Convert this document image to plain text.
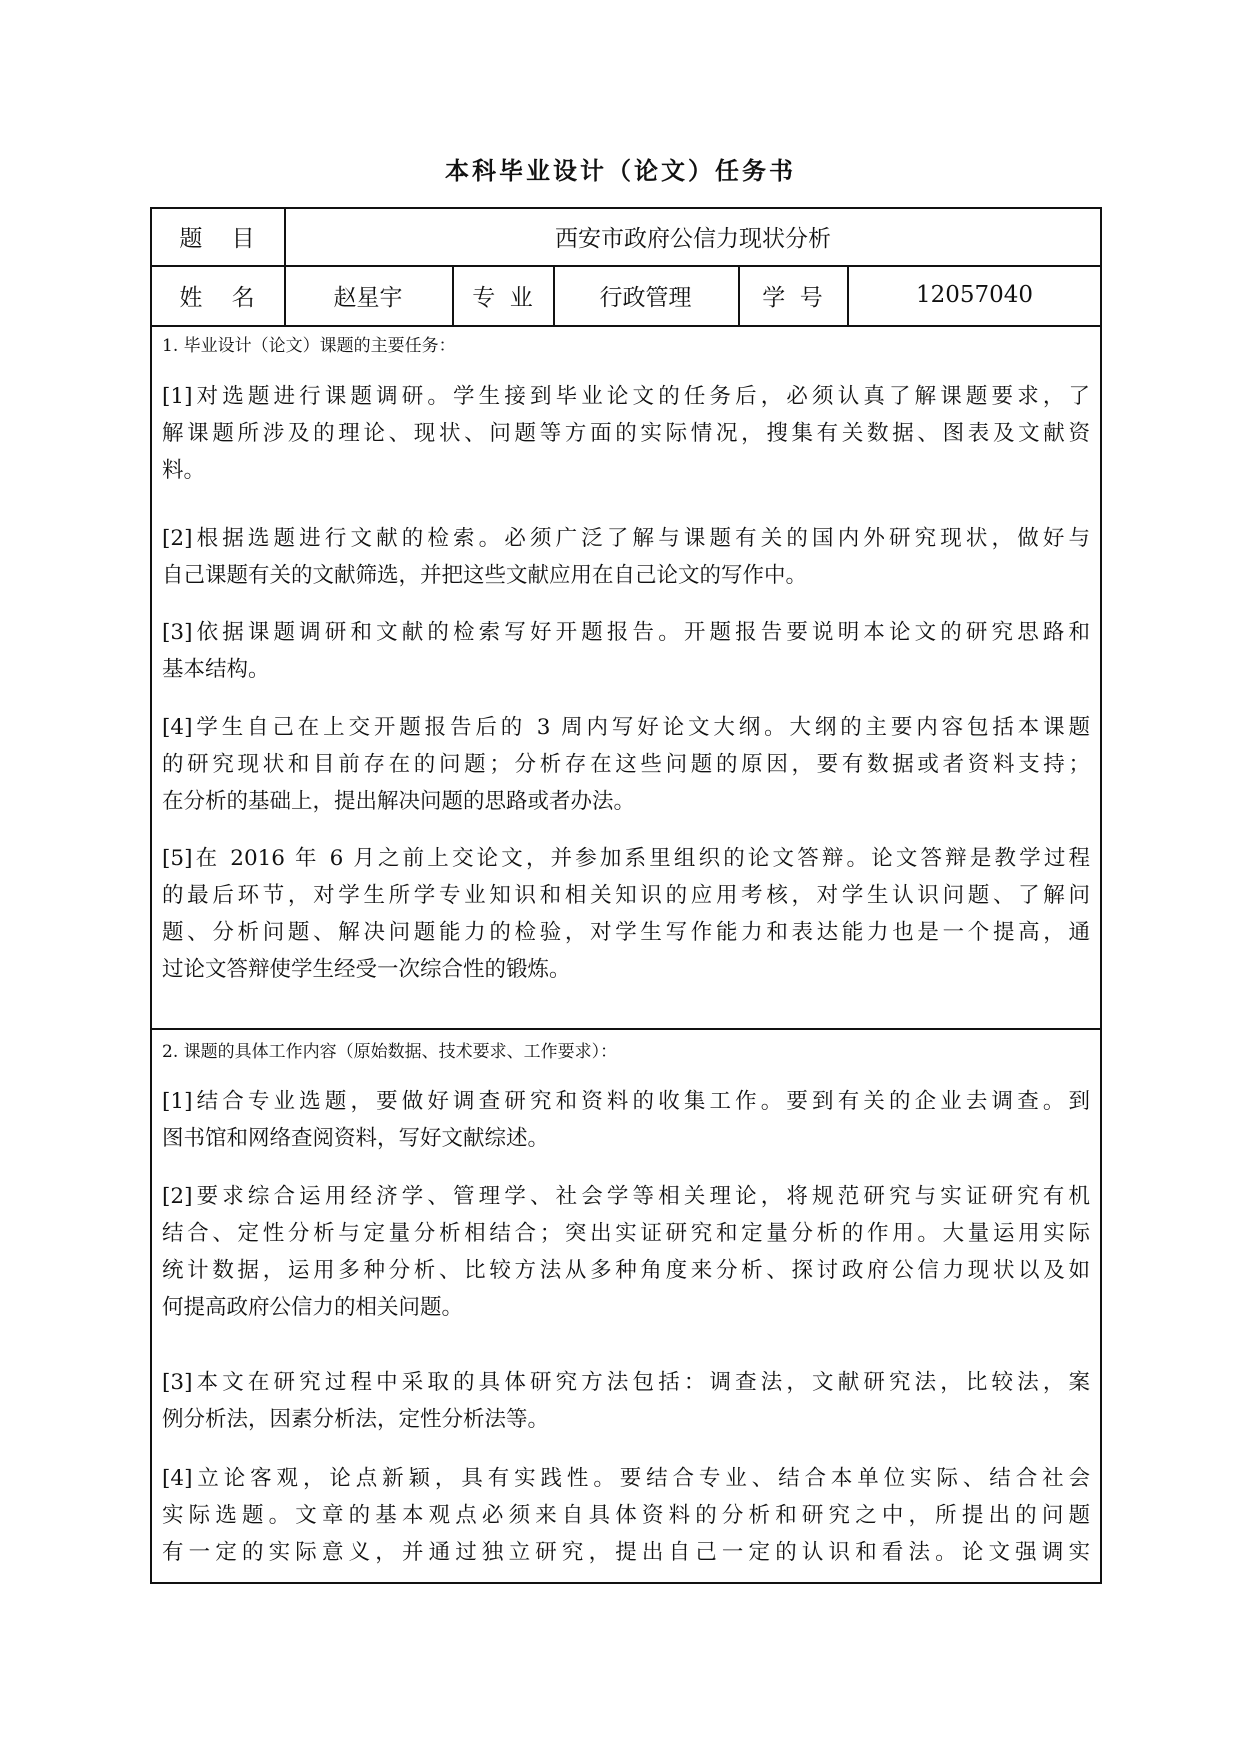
本科毕业设计（论文）任务书
题    目	西安市政府公信力现状分析
姓    名	赵星宇	专  业	行政管理	学  号	12057040
1. 毕业设计（论文）课题的主要任务：

[1]对选题进行课题调研。学生接到毕业论文的任务后，必须认真了解课题要求，了
解课题所涉及的理论、现状、问题等方面的实际情况，搜集有关数据、图表及文献资
料。

[2]根据选题进行文献的检索。必须广泛了解与课题有关的国内外研究现状，做好与
自己课题有关的文献筛选，并把这些文献应用在自己论文的写作中。

[3]依据课题调研和文献的检索写好开题报告。开题报告要说明本论文的研究思路和
基本结构。

[4]学生自己在上交开题报告后的 3 周内写好论文大纲。大纲的主要内容包括本课题
的研究现状和目前存在的问题；分析存在这些问题的原因，要有数据或者资料支持；
在分析的基础上，提出解决问题的思路或者办法。

[5]在 2016 年 6 月之前上交论文，并参加系里组织的论文答辩。论文答辩是教学过程
的最后环节，对学生所学专业知识和相关知识的应用考核，对学生认识问题、了解问
题、分析问题、解决问题能力的检验，对学生写作能力和表达能力也是一个提高，通
过论文答辩使学生经受一次综合性的锻炼。

2. 课题的具体工作内容（原始数据、技术要求、工作要求）：

[1]结合专业选题，要做好调查研究和资料的收集工作。要到有关的企业去调查。到
图书馆和网络查阅资料，写好文献综述。

[2]要求综合运用经济学、管理学、社会学等相关理论，将规范研究与实证研究有机
结合、定性分析与定量分析相结合；突出实证研究和定量分析的作用。大量运用实际
统计数据，运用多种分析、比较方法从多种角度来分析、探讨政府公信力现状以及如
何提高政府公信力的相关问题。

[3]本文在研究过程中采取的具体研究方法包括：调查法，文献研究法，比较法，案
例分析法，因素分析法，定性分析法等。

[4]立论客观，论点新颖，具有实践性。要结合专业、结合本单位实际、结合社会
实际选题。文章的基本观点必须来自具体资料的分析和研究之中，所提出的问题
有一定的实际意义，并通过独立研究，提出自己一定的认识和看法。论文强调实
